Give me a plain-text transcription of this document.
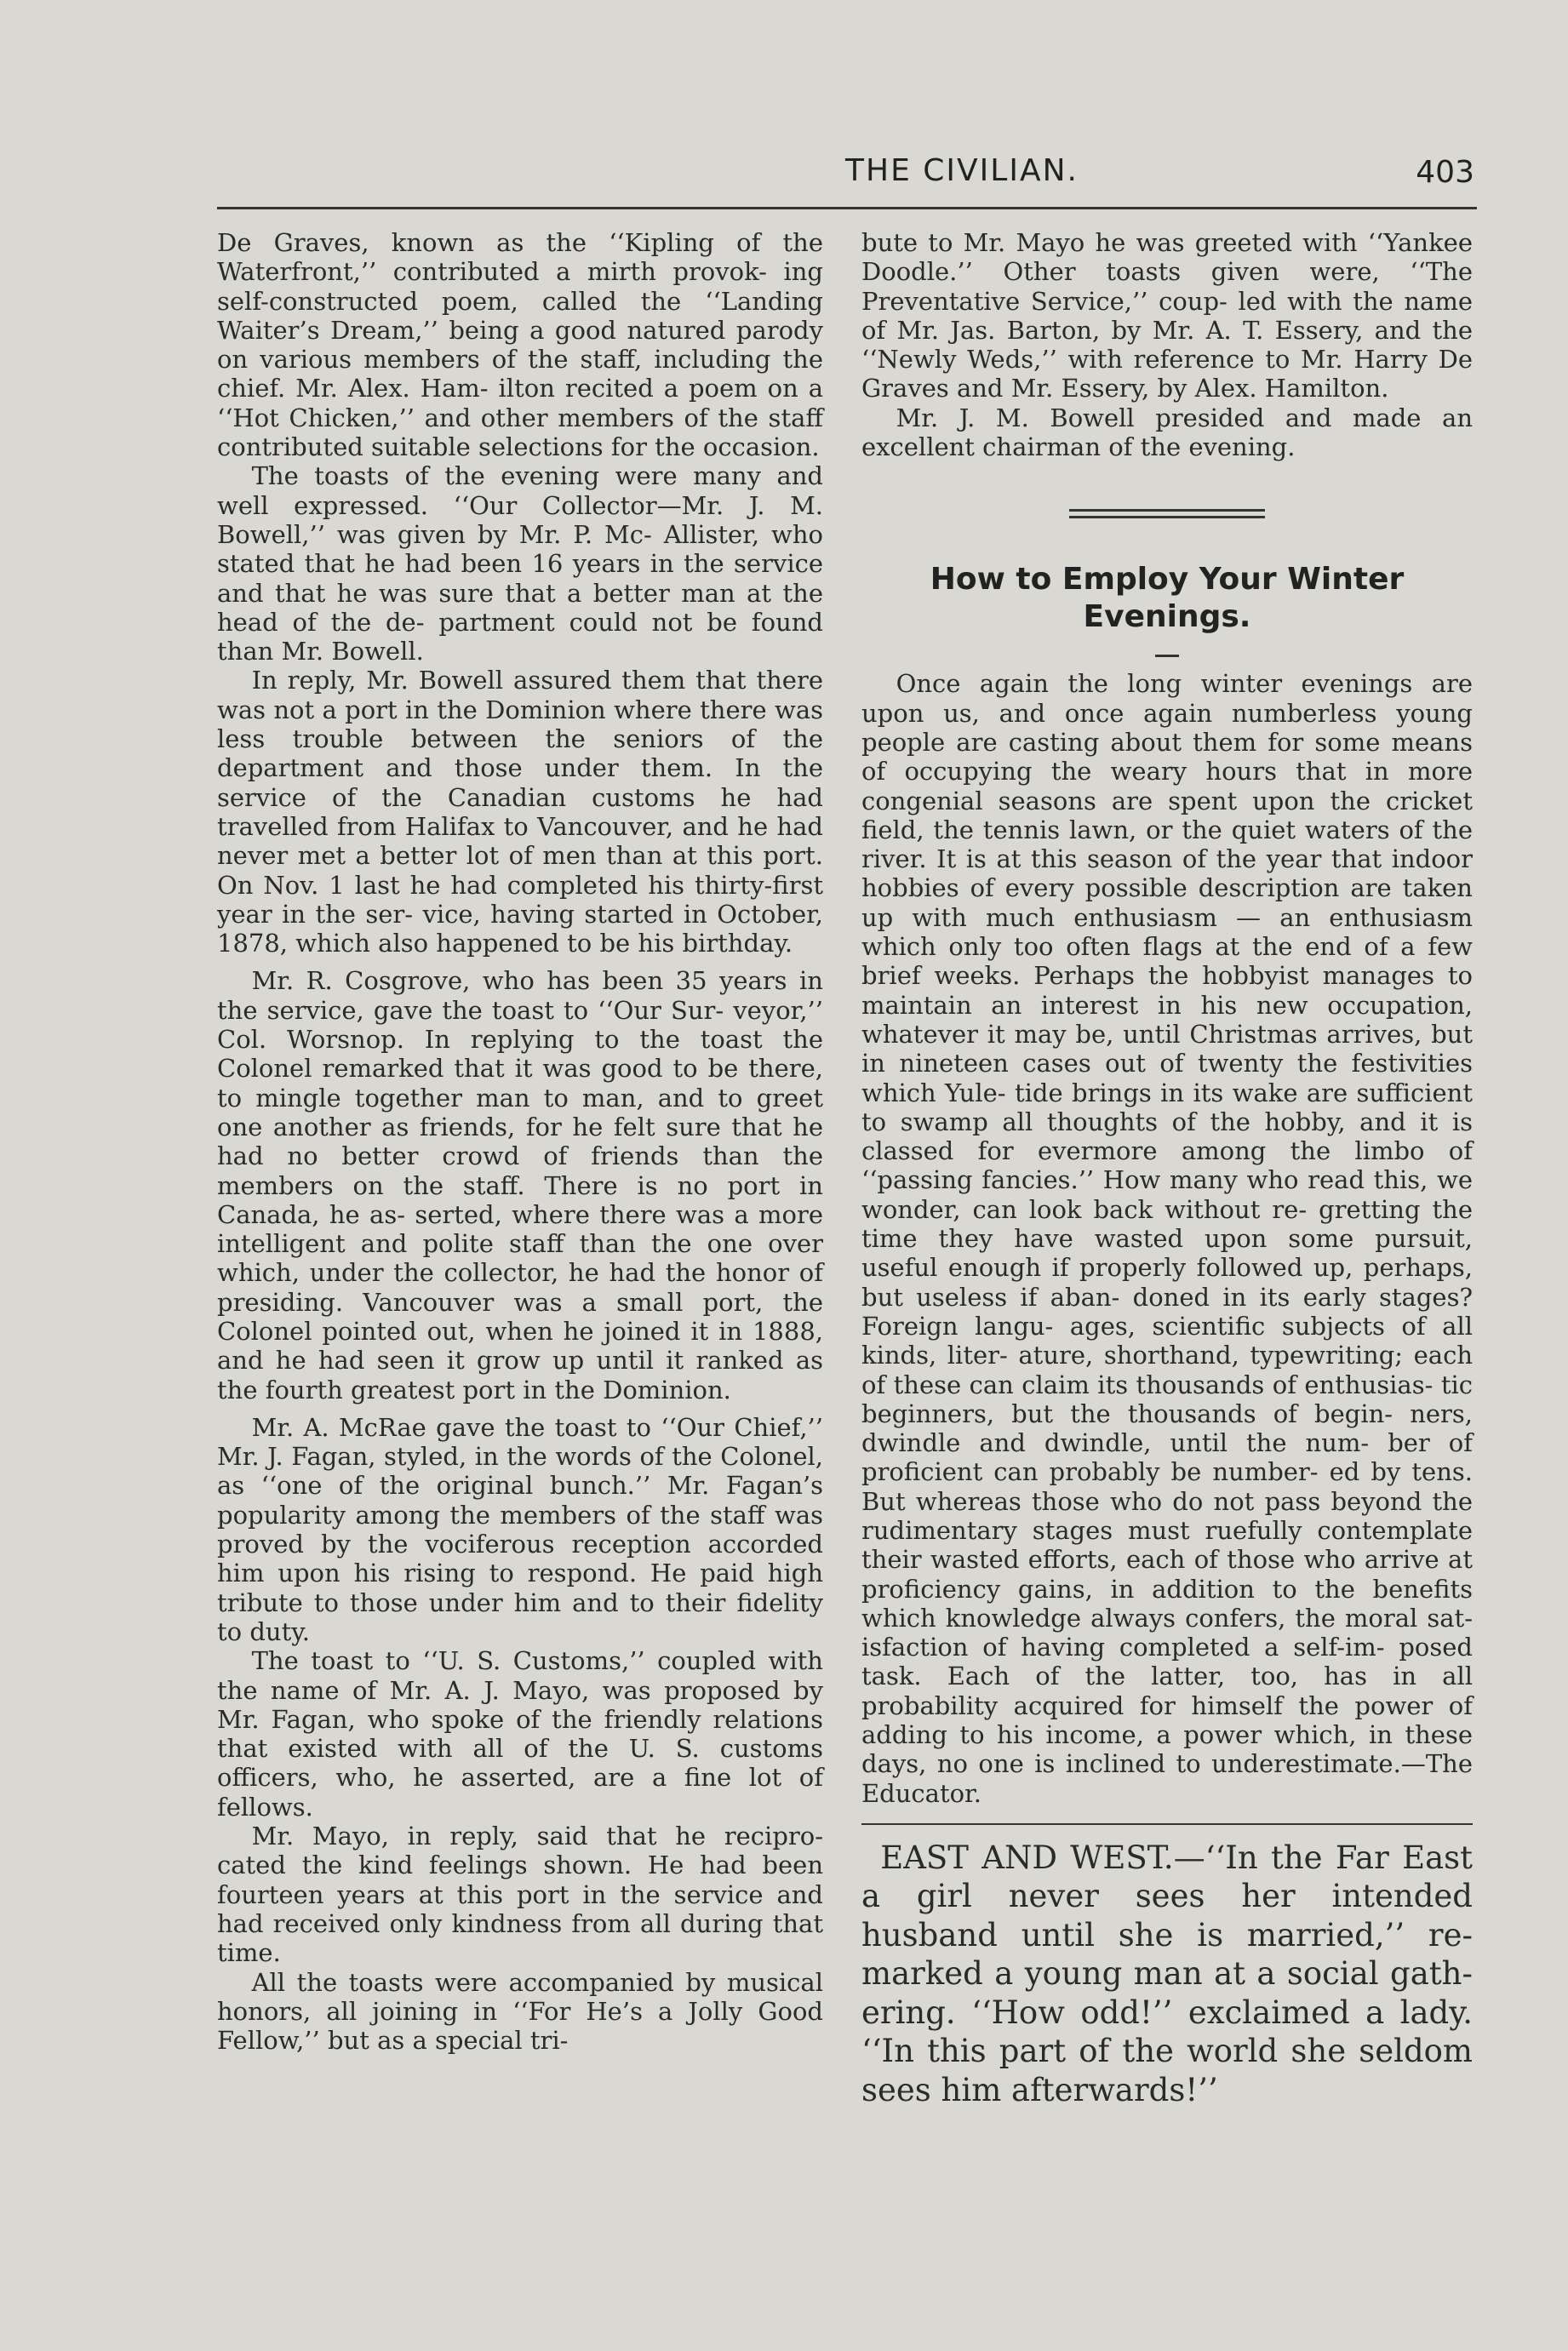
THE CIVILIAN.	403

De Graves, known as the ‘‘Kipling of the Waterfront,’’ contributed a mirth provok- ing self-constructed poem, called the ‘‘Landing Waiter’s Dream,’’ being a good natured parody on various members of the staff, including the chief. Mr. Alex. Ham- ilton recited a poem on a ‘‘Hot Chicken,’’ and other members of the staff contributed suitable selections for the occasion.

The toasts of the evening were many and well expressed. ‘‘Our Collector—Mr. J. M. Bowell,’’ was given by Mr. P. Mc- Allister, who stated that he had been 16 years in the service and that he was sure that a better man at the head of the de- partment could not be found than Mr. Bowell.

In reply, Mr. Bowell assured them that there was not a port in the Dominion where there was less trouble between the seniors of the department and those under them. In the service of the Canadian customs he had travelled from Halifax to Vancouver, and he had never met a better lot of men than at this port. On Nov. 1 last he had completed his thirty-first year in the ser- vice, having started in October, 1878, which also happened to be his birthday.

Mr. R. Cosgrove, who has been 35 years in the service, gave the toast to ‘‘Our Sur- veyor,’’ Col. Worsnop. In replying to the toast the Colonel remarked that it was good to be there, to mingle together man to man, and to greet one another as friends, for he felt sure that he had no better crowd of friends than the members on the staff. There is no port in Canada, he as- serted, where there was a more intelligent and polite staff than the one over which, under the collector, he had the honor of presiding. Vancouver was a small port, the Colonel pointed out, when he joined it in 1888, and he had seen it grow up until it ranked as the fourth greatest port in the Dominion.

Mr. A. McRae gave the toast to ‘‘Our Chief,’’ Mr. J. Fagan, styled, in the words of the Colonel, as ‘‘one of the original bunch.’’ Mr. Fagan’s popularity among the members of the staff was proved by the vociferous reception accorded him upon his rising to respond. He paid high tribute to those under him and to their fidelity to duty.

The toast to ‘‘U. S. Customs,’’ coupled with the name of Mr. A. J. Mayo, was proposed by Mr. Fagan, who spoke of the friendly relations that existed with all of the U. S. customs officers, who, he asserted, are a fine lot of fellows.

Mr. Mayo, in reply, said that he recipro- cated the kind feelings shown. He had been fourteen years at this port in the service and had received only kindness from all during that time.

All the toasts were accompanied by musical honors, all joining in ‘‘For He’s a Jolly Good Fellow,’’ but as a special tri-

bute to Mr. Mayo he was greeted with ‘‘Yankee Doodle.’’ Other toasts given were, ‘‘The Preventative Service,’’ coup- led with the name of Mr. Jas. Barton, by Mr. A. T. Essery, and the ‘‘Newly Weds,’’ with reference to Mr. Harry De Graves and Mr. Essery, by Alex. Hamilton.

Mr. J. M. Bowell presided and made an excellent chairman of the evening.

How to Employ Your Winter Evenings.

Once again the long winter evenings are upon us, and once again numberless young people are casting about them for some means of occupying the weary hours that in more congenial seasons are spent upon the cricket field, the tennis lawn, or the quiet waters of the river. It is at this season of the year that indoor hobbies of every possible description are taken up with much enthusiasm — an enthusiasm which only too often flags at the end of a few brief weeks. Perhaps the hobbyist manages to maintain an interest in his new occupation, whatever it may be, until Christmas arrives, but in nineteen cases out of twenty the festivities which Yule- tide brings in its wake are sufficient to swamp all thoughts of the hobby, and it is classed for evermore among the limbo of ‘‘passing fancies.’’ How many who read this, we wonder, can look back without re- gretting the time they have wasted upon some pursuit, useful enough if properly followed up, perhaps, but useless if aban- doned in its early stages? Foreign langu- ages, scientific subjects of all kinds, liter- ature, shorthand, typewriting; each of these can claim its thousands of enthusias- tic beginners, but the thousands of begin- ners, dwindle and dwindle, until the num- ber of proficient can probably be number- ed by tens. But whereas those who do not pass beyond the rudimentary stages must ruefully contemplate their wasted efforts, each of those who arrive at proficiency gains, in addition to the benefits which knowledge always confers, the moral sat- isfaction of having completed a self-im- posed task. Each of the latter, too, has in all probability acquired for himself the power of adding to his income, a power which, in these days, no one is inclined to underestimate.—The Educator.

EAST AND WEST.—‘‘In the Far East a girl never sees her intended husband until she is married,’’ re- marked a young man at a social gath- ering. ‘‘How odd!’’ exclaimed a lady. ‘‘In this part of the world she seldom sees him afterwards!’’
